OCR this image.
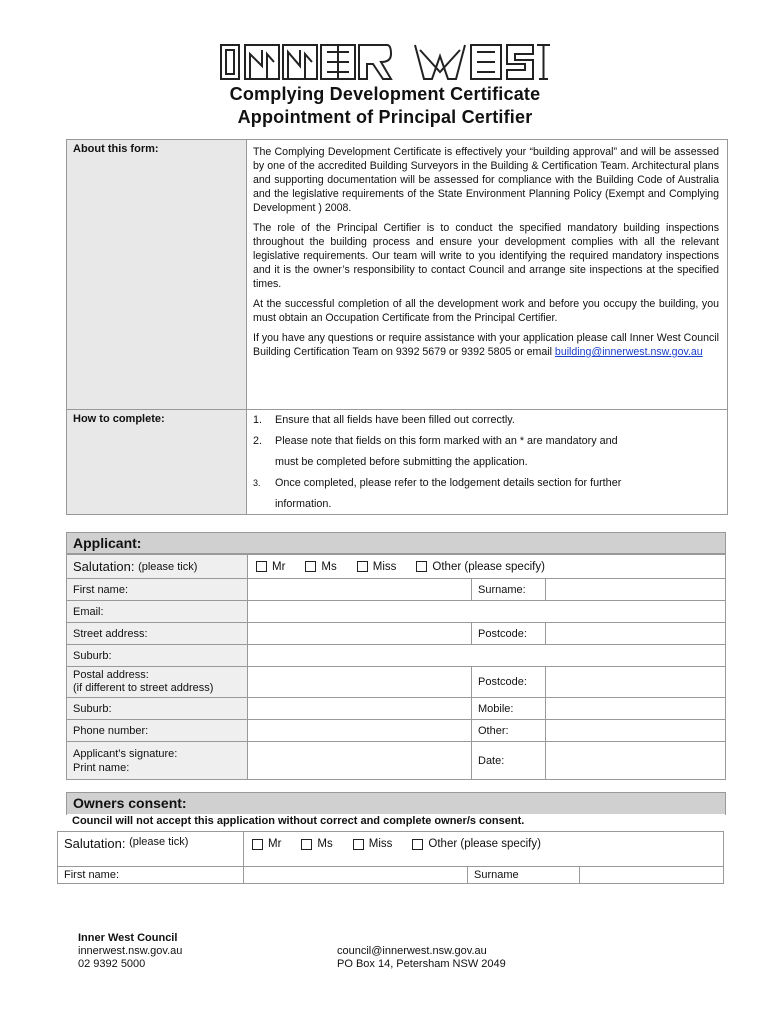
Complying Development Certificate
Appointment of Principal Certifier
About this form:	The Complying Development Certificate is effectively your “building approval” and will be assessed by one of the accredited Building Surveyors in the Building & Certification Team. Architectural plans and supporting documentation will be assessed for compliance with the Building Code of Australia and the legislative requirements of the State Environment Planning Policy (Exempt and Complying Development ) 2008.

The role of the Principal Certifier is to conduct the specified mandatory building inspections throughout the building process and ensure your development complies with all the relevant legislative requirements. Our team will write to you identifying the required mandatory inspections and it is the owner’s responsibility to contact Council and arrange site inspections at the specified times.

At the successful completion of all the development work and before you occupy the building, you must obtain an Occupation Certificate from the Principal Certifier.

If you have any questions or require assistance with your application please call Inner West Council Building Certification Team on 9392 5679 or 9392 5805 or email building@innerwest.nsw.gov.au

How to complete:	1.	Ensure that all fields have been filled out correctly.
2.	Please note that fields on this form marked with an * are mandatory and
must be completed before submitting the application.
3.	Once completed, please refer to the lodgement details section for further
information.
Applicant:
Salutation:
(please tick)	Mr	Ms	Miss	Other (please specify)
First name:	Surname:
Email:
Street address:	Postcode:
Suburb:
Postal address:
(if different to street address)	Postcode:
Suburb:	Mobile:
Phone number:	Other:
Applicant’s signature:
Print name:
Date:
Owners consent:
Council will not accept this application without correct and complete owner/s consent.
Salutation:
(please tick)	Mr	Ms	Miss	Other (please specify)
First name:	Surname
Inner West Council
innerwest.nsw.gov.au
02 9392 5000
council@innerwest.nsw.gov.au
PO Box 14, Petersham NSW 2049
